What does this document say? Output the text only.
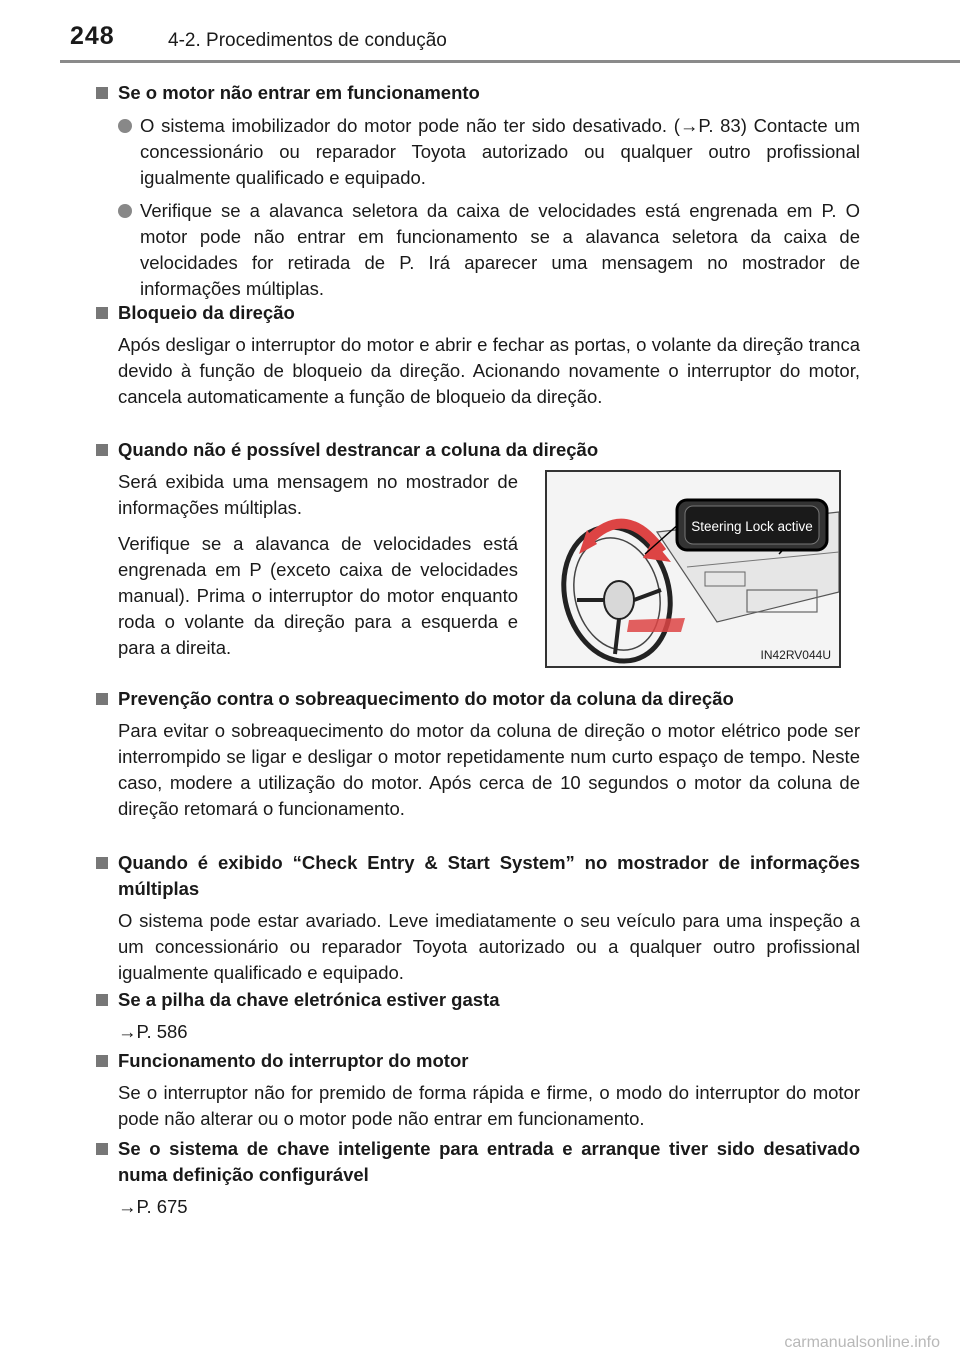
248	4-2. Procedimentos de condução
Se o motor não entrar em funcionamento
O sistema imobilizador do motor pode não ter sido desativado. (→P. 83) Contacte um concessionário ou reparador Toyota autorizado ou qualquer outro profissional igualmente qualificado e equipado.
Verifique se a alavanca seletora da caixa de velocidades está engrenada em P. O motor pode não entrar em funcionamento se a alavanca seletora da caixa de velocidades for retirada de P. Irá aparecer uma mensagem no mostrador de informações múltiplas.
Bloqueio da direção
Após desligar o interruptor do motor e abrir e fechar as portas, o volante da direção tranca devido à função de bloqueio da direção. Acionando novamente o interruptor do motor, cancela automaticamente a função de bloqueio da direção.
Quando não é possível destrancar a coluna da direção

Será exibida uma mensagem no mostrador de informações múltiplas.

Verifique se a alavanca de velocidades está engrenada em P (exceto caixa de velocidades manual). Prima o interruptor do motor enquanto roda o volante da direção para a esquerda e para a direita.

Steering Lock active
IN42RV044U
Prevenção contra o sobreaquecimento do motor da coluna da direção
Para evitar o sobreaquecimento do motor da coluna de direção o motor elétrico pode ser interrompido se ligar e desligar o motor repetidamente num curto espaço de tempo. Neste caso, modere a utilização do motor. Após cerca de 10 segundos o motor da coluna de direção retomará o funcionamento.
Quando é exibido “Check Entry & Start System” no mostrador de informações múltiplas
O sistema pode estar avariado. Leve imediatamente o seu veículo para uma inspeção a um concessionário ou reparador Toyota autorizado ou a qualquer outro profissional igualmente qualificado e equipado.
Se a pilha da chave eletrónica estiver gasta
→P. 586
Funcionamento do interruptor do motor
Se o interruptor não for premido de forma rápida e firme, o modo do interruptor do motor pode não alterar ou o motor pode não entrar em funcionamento.
Se o sistema de chave inteligente para entrada e arranque tiver sido desativado numa definição configurável
→P. 675
carmanualsonline.info
